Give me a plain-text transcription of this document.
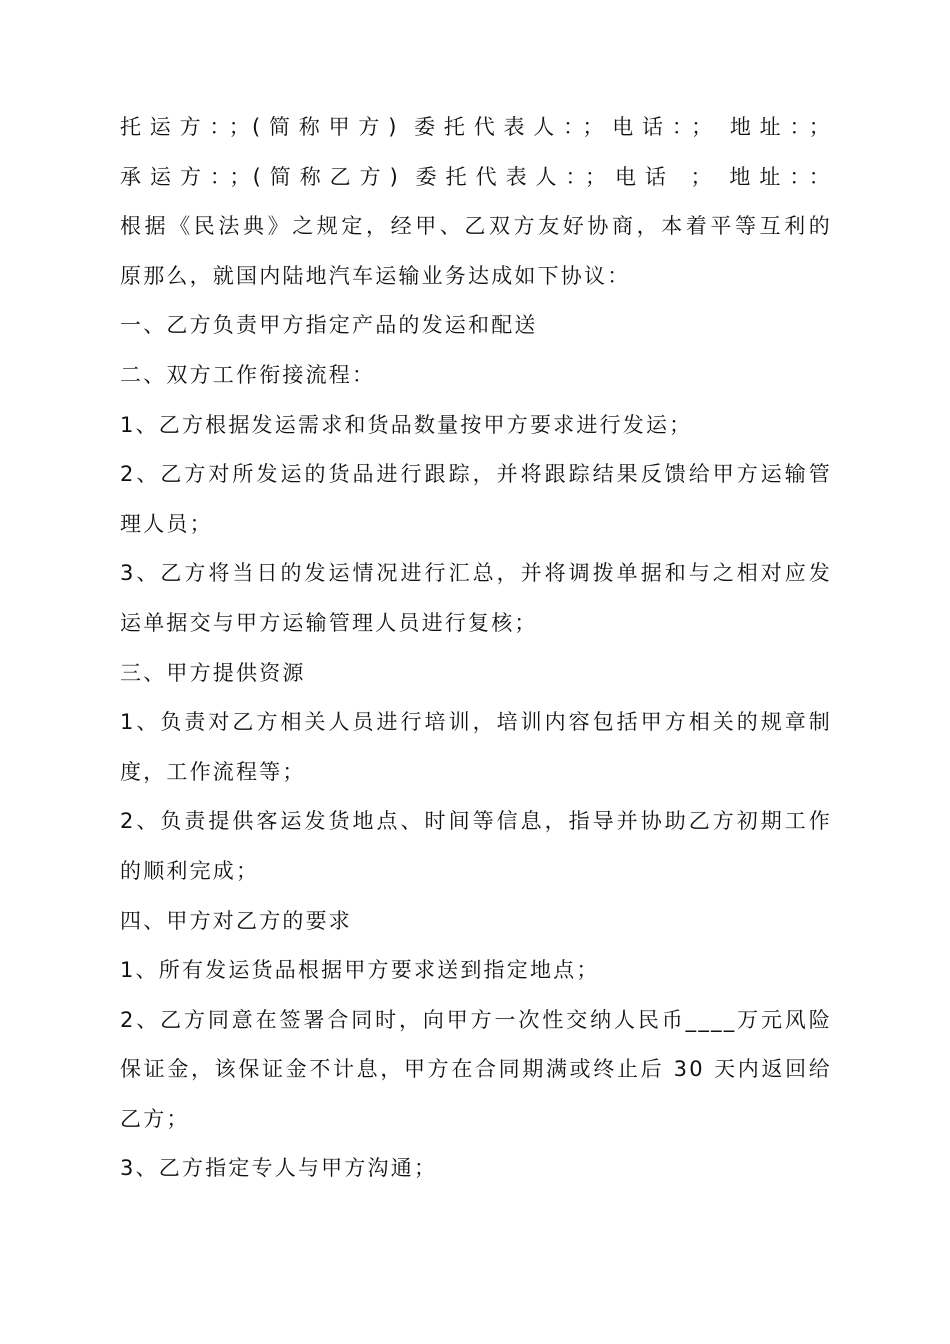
托运方：；(简称甲方) 委托代表人：；电话：； 地址：；
承运方：；(简称乙方) 委托代表人：；电话 ； 地址：：
根据《民法典》之规定，经甲、乙双方友好协商，本着平等互利的
原那么，就国内陆地汽车运输业务达成如下协议：
一、乙方负责甲方指定产品的发运和配送
二、双方工作衔接流程：
1、乙方根据发运需求和货品数量按甲方要求进行发运；
2、乙方对所发运的货品进行跟踪，并将跟踪结果反馈给甲方运输管
理人员；
3、乙方将当日的发运情况进行汇总，并将调拨单据和与之相对应发
运单据交与甲方运输管理人员进行复核；
三、甲方提供资源
1、负责对乙方相关人员进行培训，培训内容包括甲方相关的规章制
度，工作流程等；
2、负责提供客运发货地点、时间等信息，指导并协助乙方初期工作
的顺利完成；
四、甲方对乙方的要求
1、所有发运货品根据甲方要求送到指定地点；
2、乙方同意在签署合同时，向甲方一次性交纳人民币____万元风险
保证金，该保证金不计息，甲方在合同期满或终止后 30 天内返回给
乙方；
3、乙方指定专人与甲方沟通；
